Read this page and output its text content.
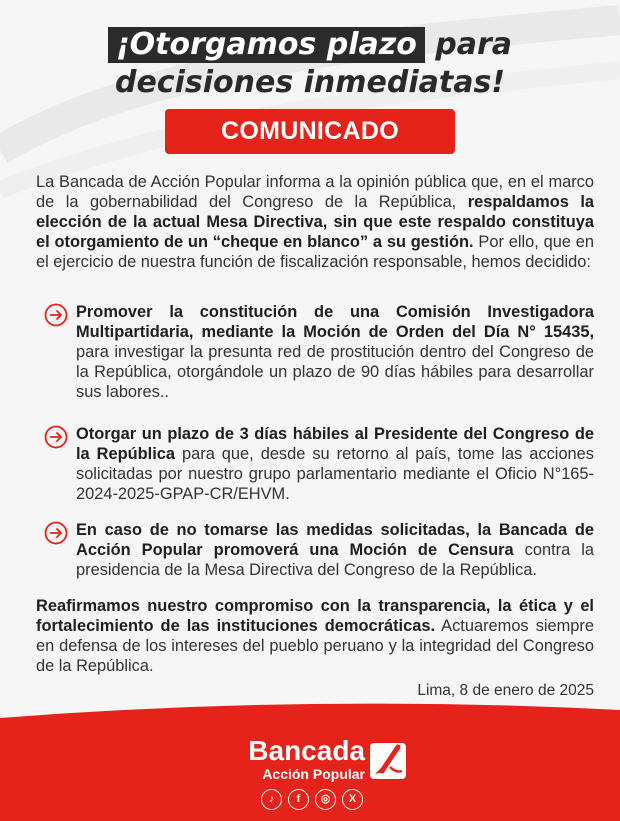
¡Otorgamos plazo para
decisiones inmediatas!
COMUNICADO
La Bancada de Acción Popular informa a la opinión pública que, en el marco de la gobernabilidad del Congreso de la República, respaldamos la elección de la actual Mesa Directiva, sin que este respaldo constituya el otorgamiento de un “cheque en blanco” a su gestión. Por ello, que en el ejercicio de nuestra función de fiscalización responsable, hemos decidido:
Promover la constitución de una Comisión Investigadora Multipartidaria, mediante la Moción de Orden del Día N° 15435, para investigar la presunta red de prostitución dentro del Congreso de la República, otorgándole un plazo de 90 días hábiles para desarrollar sus labores..
Otorgar un plazo de 3 días hábiles al Presidente del Congreso de la República para que, desde su retorno al país, tome las acciones solicitadas por nuestro grupo parlamentario mediante el Oficio N°165-2024-2025-GPAP-CR/EHVM.
En caso de no tomarse las medidas solicitadas, la Bancada de Acción Popular promoverá una Moción de Censura contra la presidencia de la Mesa Directiva del Congreso de la República.
Reafirmamos nuestro compromiso con la transparencia, la ética y el fortalecimiento de las instituciones democráticas. Actuaremos siempre en defensa de los intereses del pueblo peruano y la integridad del Congreso de la República.
Lima, 8 de enero de 2025
Bancada
Acción Popular
♪	f	◎	X
